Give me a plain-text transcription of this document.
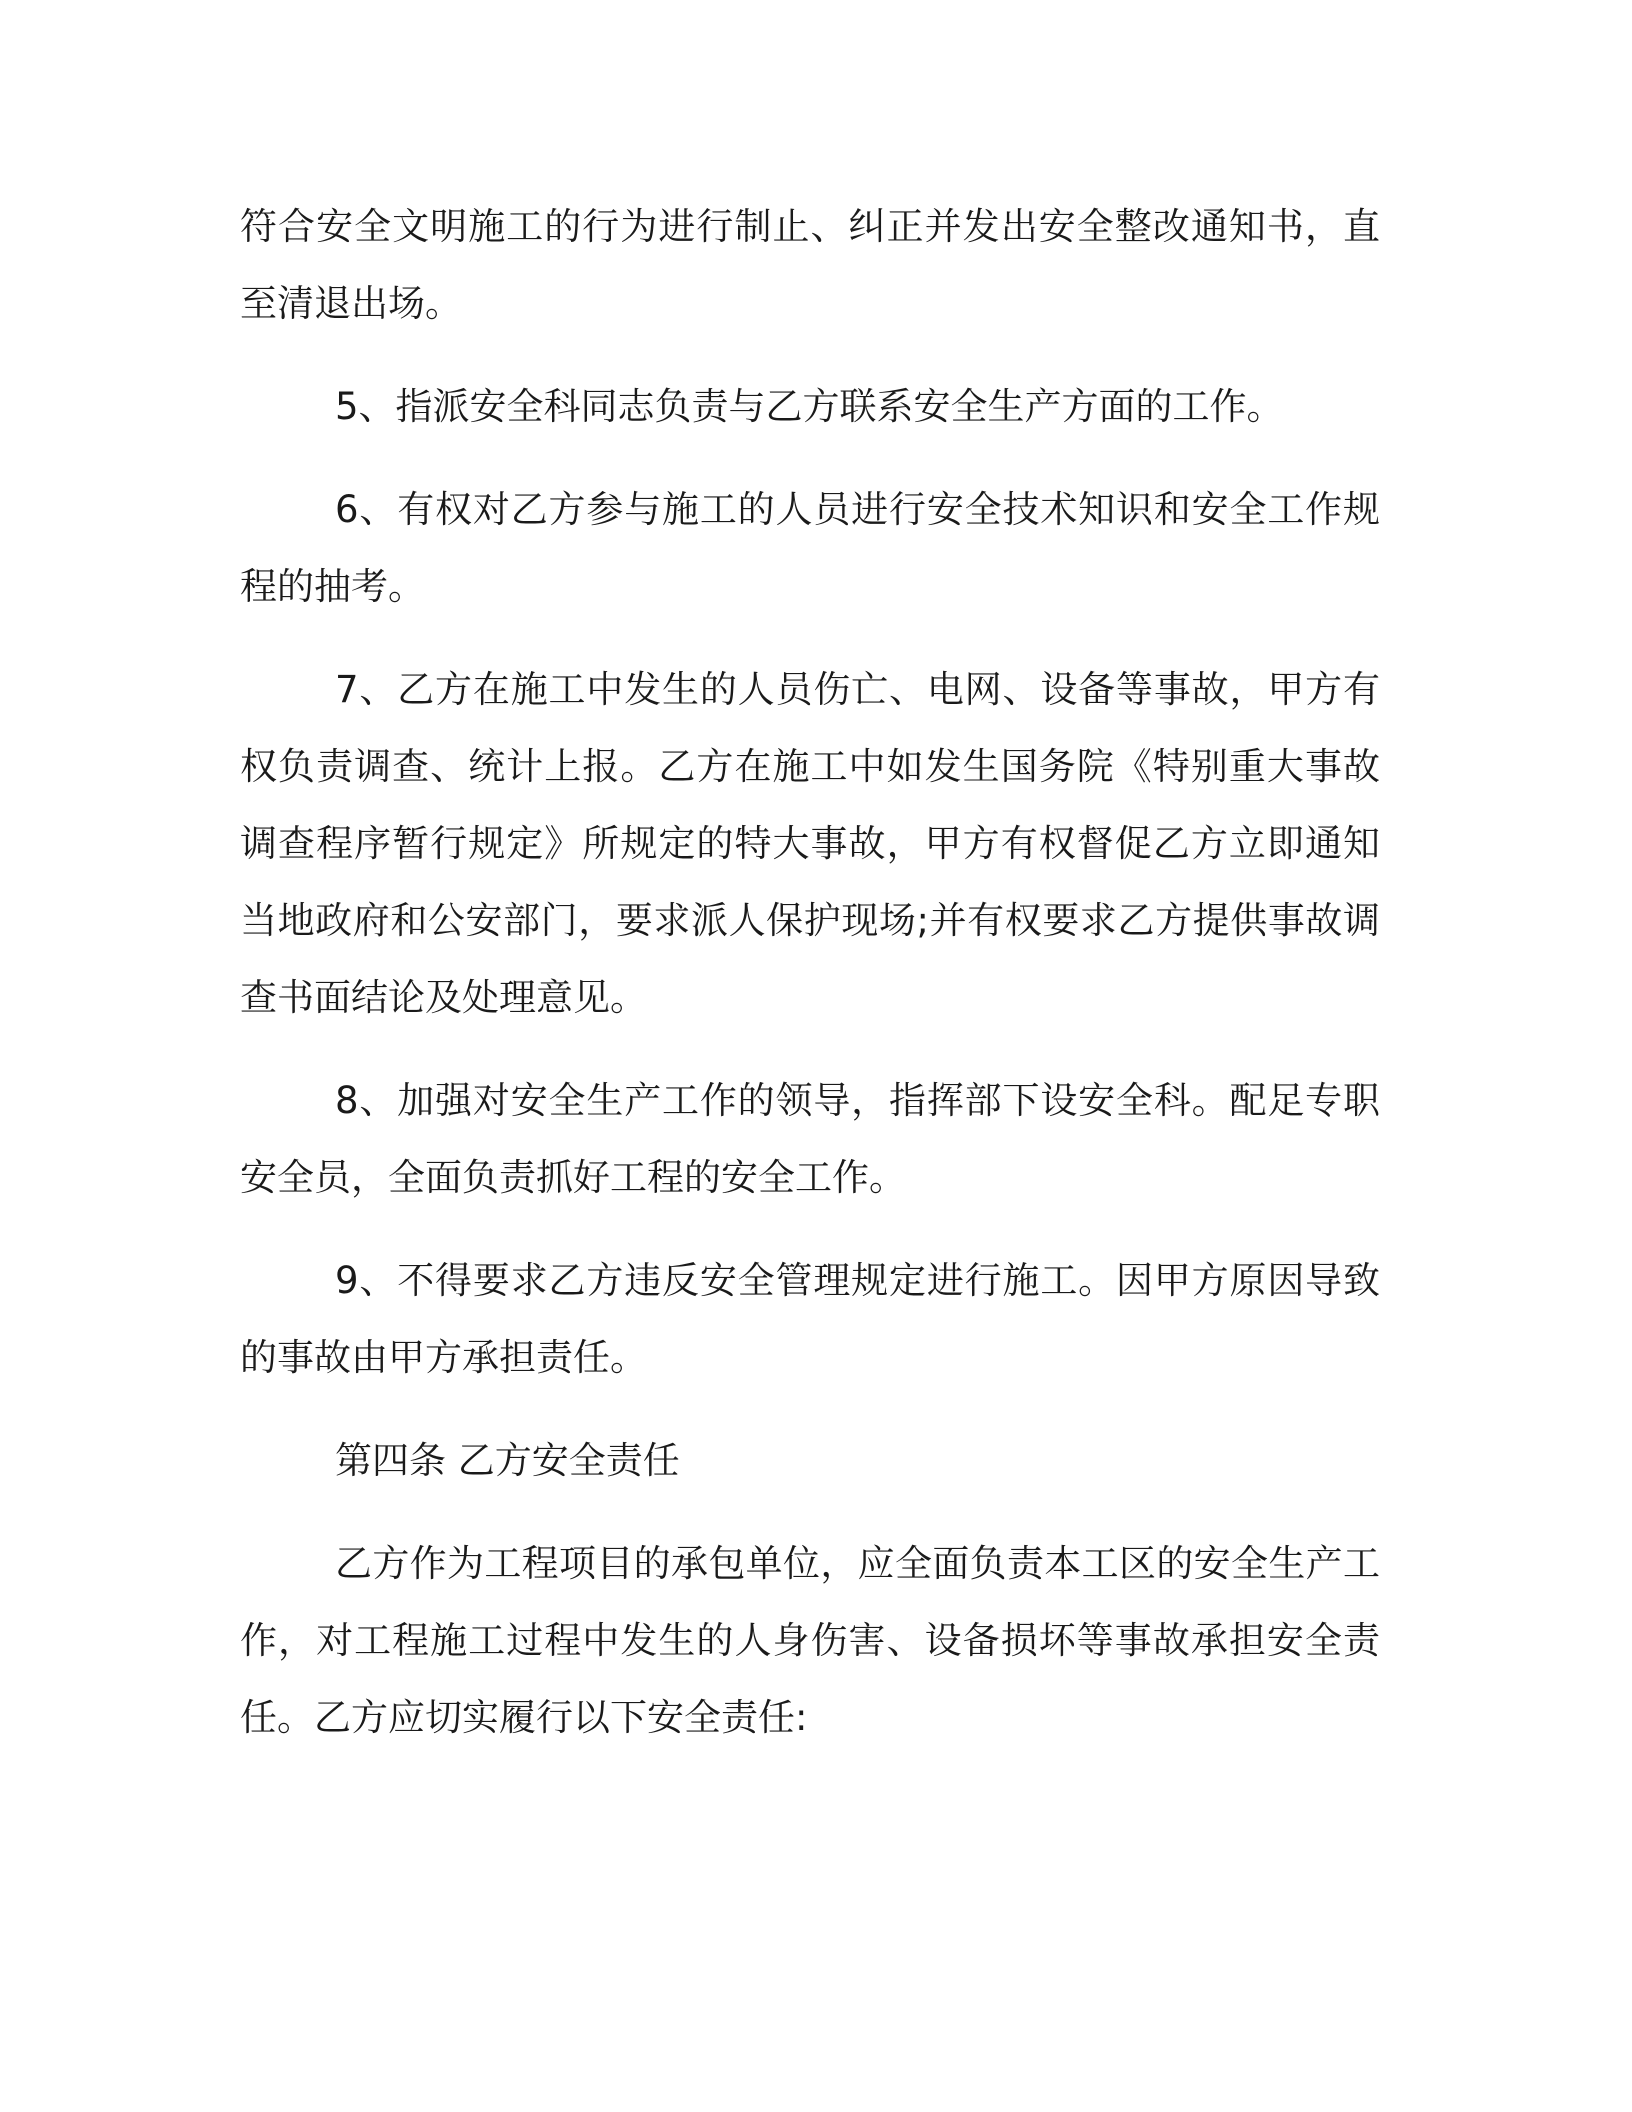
符合安全文明施工的行为进行制止、纠正并发出安全整改通知书，直至清退出场。

5、指派安全科同志负责与乙方联系安全生产方面的工作。

6、有权对乙方参与施工的人员进行安全技术知识和安全工作规程的抽考。

7、乙方在施工中发生的人员伤亡、电网、设备等事故，甲方有权负责调查、统计上报。乙方在施工中如发生国务院《特别重大事故调查程序暂行规定》所规定的特大事故，甲方有权督促乙方立即通知当地政府和公安部门，要求派人保护现场;并有权要求乙方提供事故调查书面结论及处理意见。

8、加强对安全生产工作的领导，指挥部下设安全科。配足专职安全员，全面负责抓好工程的安全工作。

9、不得要求乙方违反安全管理规定进行施工。因甲方原因导致的事故由甲方承担责任。

第四条 乙方安全责任

乙方作为工程项目的承包单位，应全面负责本工区的安全生产工作，对工程施工过程中发生的人身伤害、设备损坏等事故承担安全责任。乙方应切实履行以下安全责任:
